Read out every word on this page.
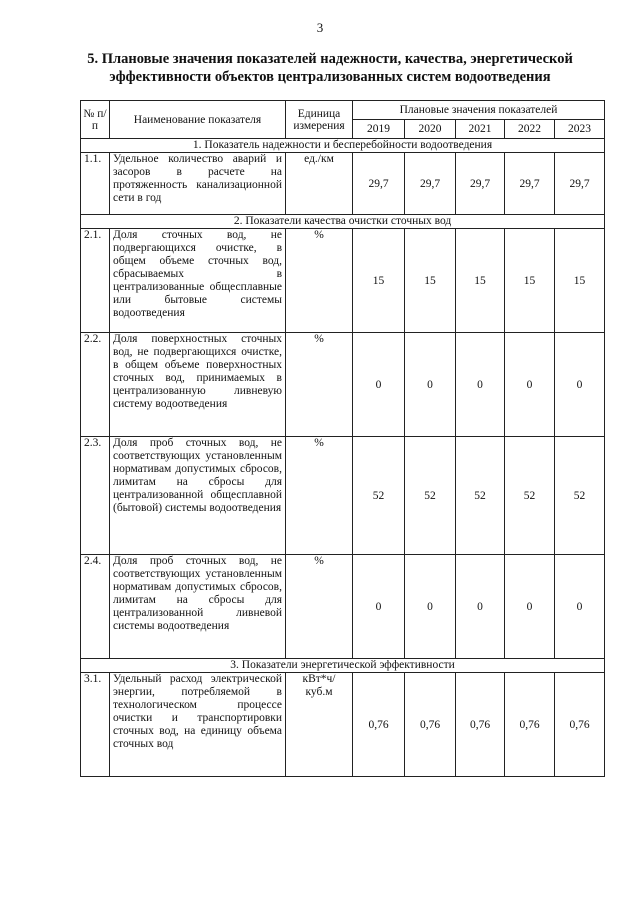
3
5. Плановые значения показателей надежности, качества, энергетической
эффективности объектов централизованных систем водоотведения
№ п/п	Наименование показателя	Единица измерения	Плановые значения показателей				
			2019	2020	2021	2022	2023
1. Показатель надежности и бесперебойности водоотведения							
1.1.	Удельное количество аварий и засоров в расчете на протяженность канализационной сети в год	ед./км	29,7	29,7	29,7	29,7	29,7
2. Показатели качества очистки сточных вод							
2.1.	Доля сточных вод, не подвергающихся очистке, в общем объеме сточных вод, сбрасываемых в централизованные общесплавные или бытовые системы водоотведения	%	15	15	15	15	15
2.2.	Доля поверхностных сточных вод, не подвергающихся очистке, в общем объеме поверхностных сточных вод, принимаемых в централизованную ливневую систему водоотведения	%	0	0	0	0	0
2.3.	Доля проб сточных вод, не соответствующих установленным нормативам допустимых сбросов, лимитам на сбросы для централизованной общесплавной (бытовой) системы водоотведения	%	52	52	52	52	52
2.4.	Доля проб сточных вод, не соответствующих установленным нормативам допустимых сбросов, лимитам на сбросы для централизованной ливневой системы водоотведения	%	0	0	0	0	0
3. Показатели энергетической эффективности							
3.1.	Удельный расход электрической энергии, потребляемой в технологическом процессе очистки и транспортировки сточных вод, на единицу объема сточных вод	кВт*ч/ куб.м	0,76	0,76	0,76	0,76	0,76
